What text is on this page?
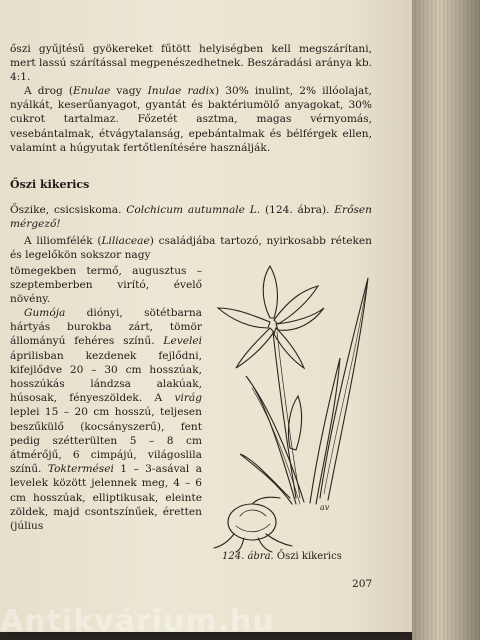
őszi gyűjtésű gyökereket fűtött helyiségben kell megszárítani, mert lassú szárítással megpenészedhetnek. Beszáradási aránya kb. 4:1.

A drog (Enulae vagy Inulae radix) 30% inulint, 2% illóolajat, nyálkát, keserűanyagot, gyantát és baktériumölő anyagokat, 30% cukrot tartalmaz. Főzetét asztma, magas vérnyomás, vesebántalmak, étvágytalanság, epebántalmak és bélférgek ellen, valamint a húgyutak fertőtlenítésére használják.

Őszi kikerics

Őszike, csicsiskoma. Colchicum autumnale L. (124. ábra). Erősen mérgező!

A liliomfélék (Liliaceae) családjába tartozó, nyirkosabb réteken és legelőkön sokszor nagy

tömegekben termő, augusztus – szeptemberben virító, évelő növény.
Gumója diónyi, sötétbarna hártyás burokba zárt, tömör állományú fehéres színű. Levelei áprilisban kezdenek fejlődni, kifejlődve 20 – 30 cm hosszúak, hosszúkás lándzsa alakúak, húsosak, fényeszöldek. A virág leplei 15 – 20 cm hosszú, teljesen beszűkülő (kocsányszerű), fent pedig szétterülten 5 – 8 cm átmérőjű, 6 cimpájú, világoslila színű. Toktermései 1 – 3-asával a levelek között jelennek meg, 4 – 6 cm hosszúak, elliptikusak, eleinte zöldek, majd csontszínűek, éretten (július
av
124. ábra. Őszi kikerics
207
Antikvárium.hu
